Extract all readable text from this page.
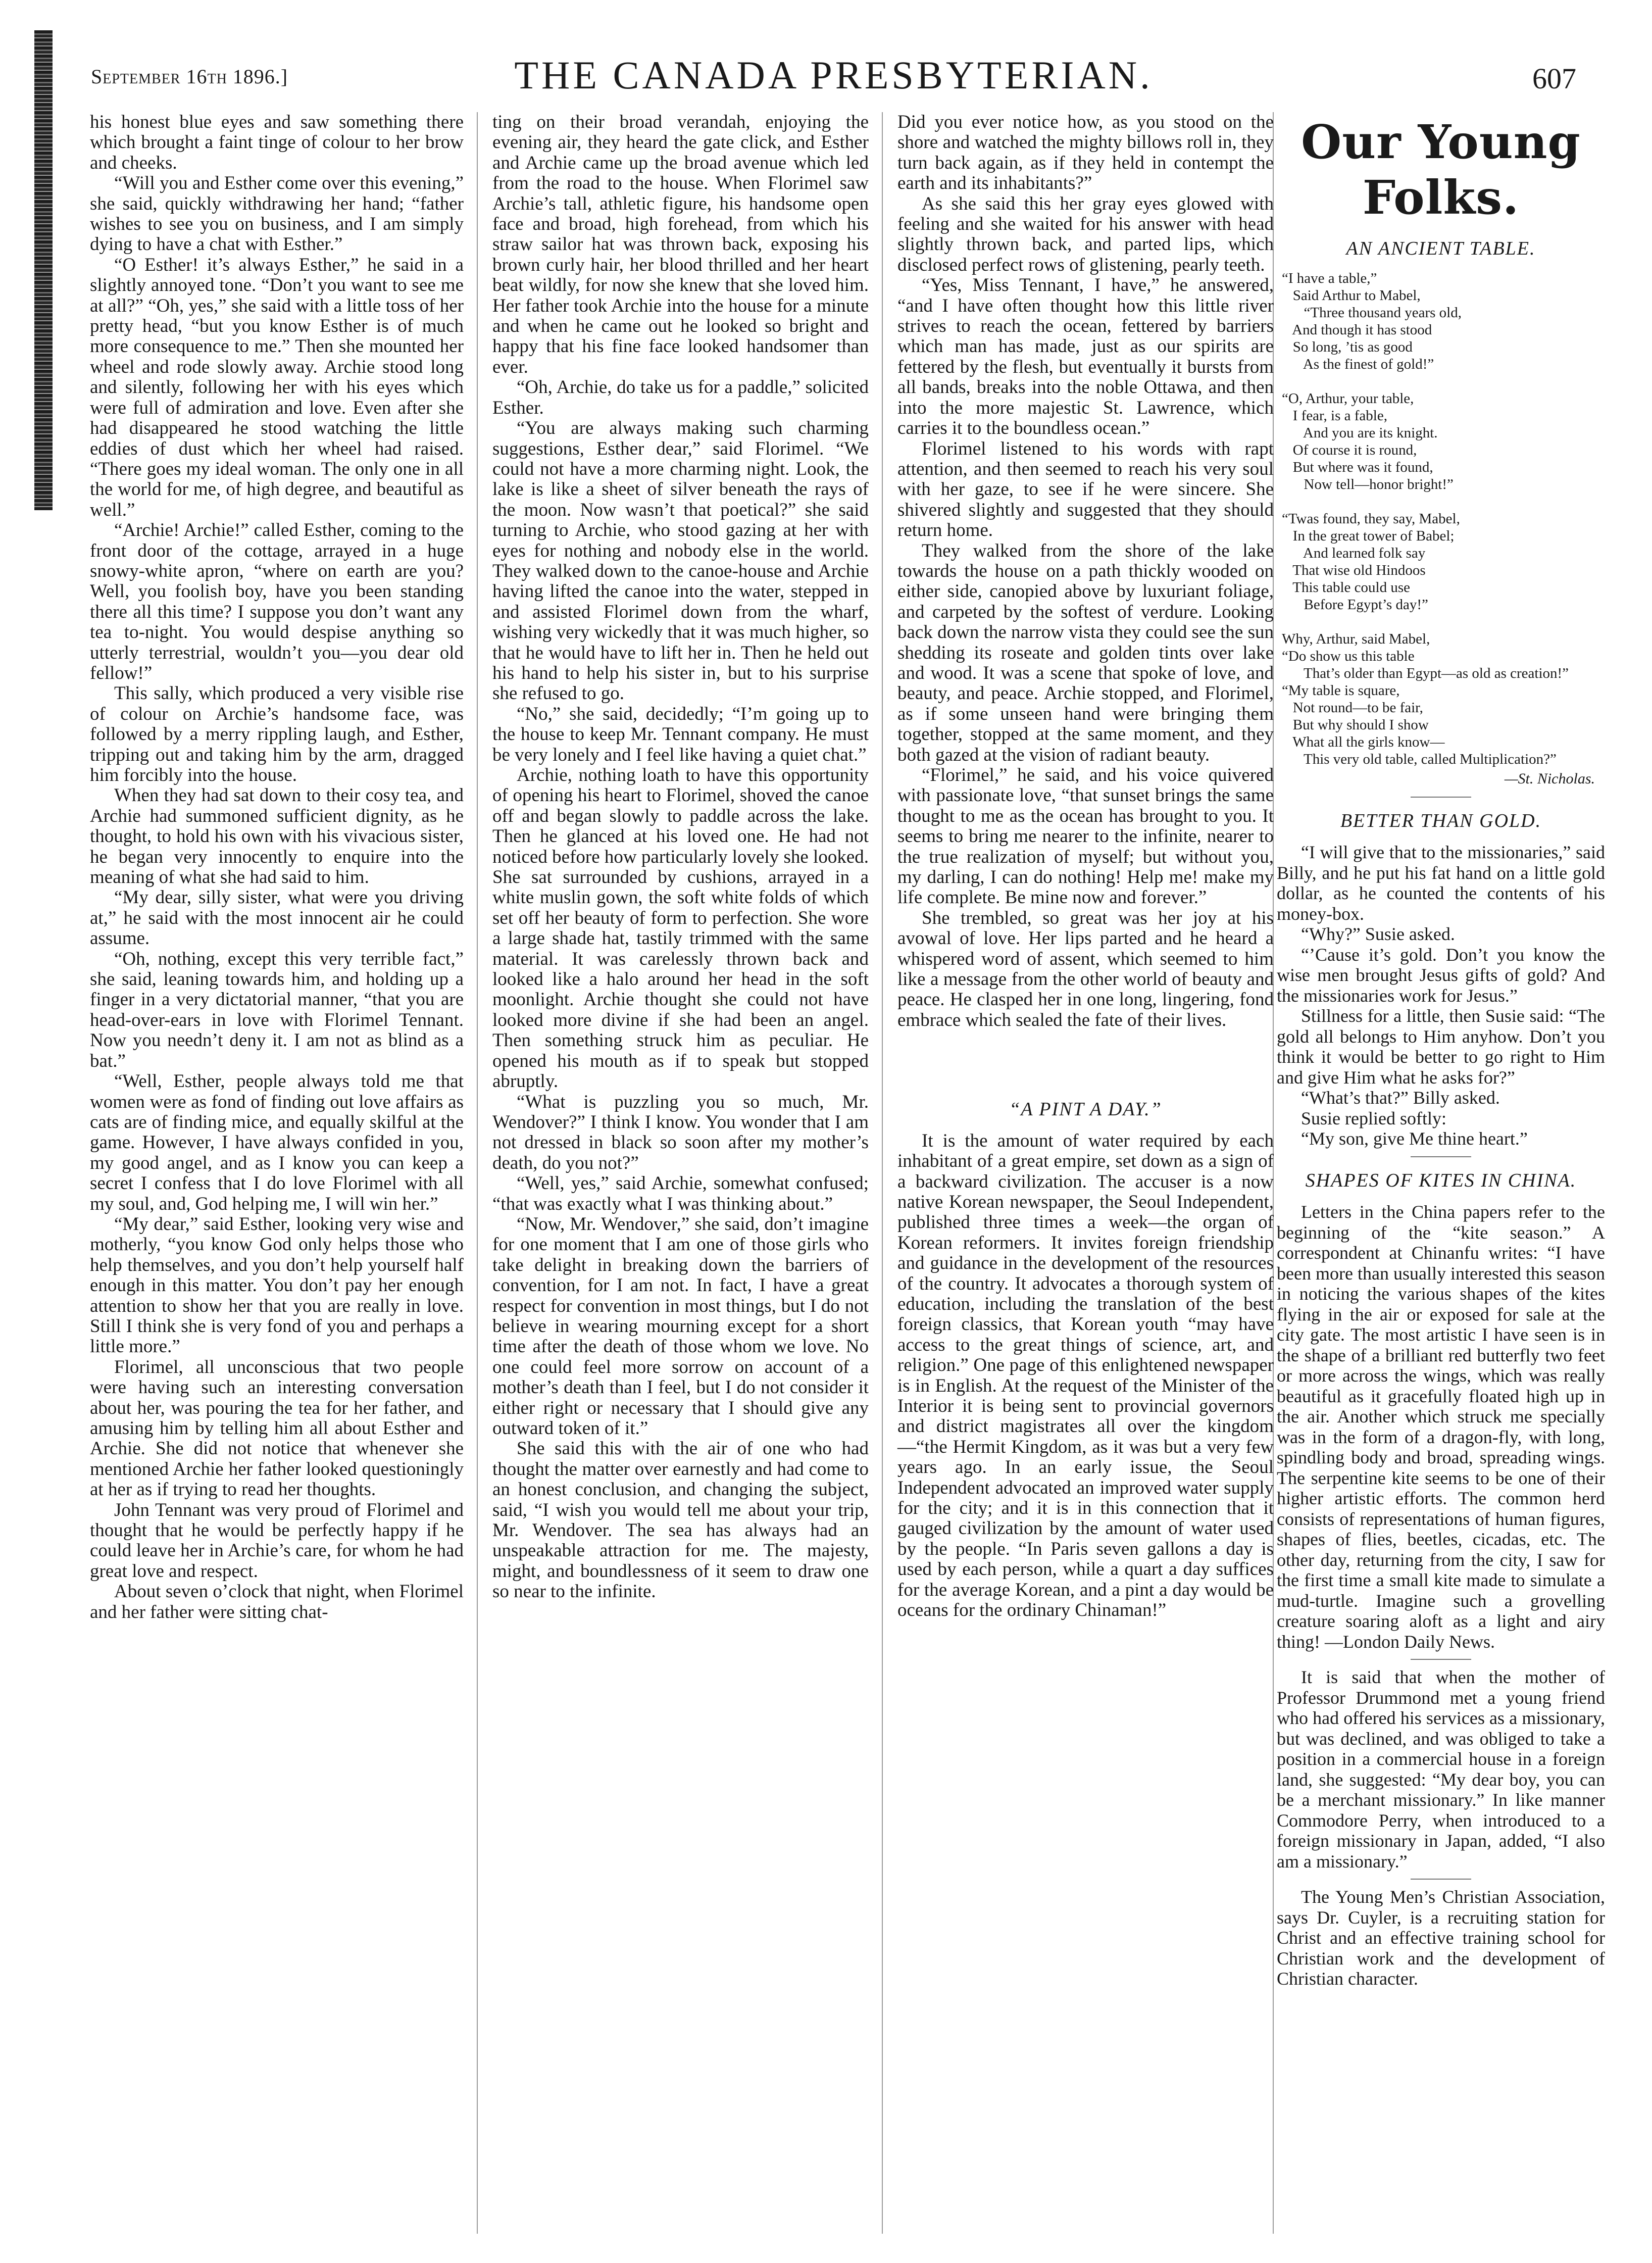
September 16th 1896.]	THE CANADA PRESBYTERIAN.	607

his honest blue eyes and saw something there which brought a faint tinge of colour to her brow and cheeks.

“Will you and Esther come over this evening,” she said, quickly withdrawing her hand; “father wishes to see you on business, and I am simply dying to have a chat with Esther.”

“O Esther! it’s always Esther,” he said in a slightly annoyed tone. “Don’t you want to see me at all?” “Oh, yes,” she said with a little toss of her pretty head, “but you know Esther is of much more consequence to me.” Then she mounted her wheel and rode slowly away. Archie stood long and silently, following her with his eyes which were full of admiration and love. Even after she had disappeared he stood watching the little eddies of dust which her wheel had raised. “There goes my ideal woman. The only one in all the world for me, of high degree, and beautiful as well.”

“Archie! Archie!” called Esther, coming to the front door of the cottage, arrayed in a huge snowy-white apron, “where on earth are you? Well, you foolish boy, have you been standing there all this time? I suppose you don’t want any tea to-night. You would despise anything so utterly terrestrial, wouldn’t you—you dear old fellow!”

This sally, which produced a very visible rise of colour on Archie’s handsome face, was followed by a merry rippling laugh, and Esther, tripping out and taking him by the arm, dragged him forcibly into the house.

When they had sat down to their cosy tea, and Archie had summoned sufficient dignity, as he thought, to hold his own with his vivacious sister, he began very innocently to enquire into the meaning of what she had said to him.

“My dear, silly sister, what were you driving at,” he said with the most innocent air he could assume.

“Oh, nothing, except this very terrible fact,” she said, leaning towards him, and holding up a finger in a very dictatorial manner, “that you are head-over-ears in love with Florimel Tennant. Now you needn’t deny it. I am not as blind as a bat.”

“Well, Esther, people always told me that women were as fond of finding out love affairs as cats are of finding mice, and equally skilful at the game. However, I have always confided in you, my good angel, and as I know you can keep a secret I confess that I do love Florimel with all my soul, and, God helping me, I will win her.”

“My dear,” said Esther, looking very wise and motherly, “you know God only helps those who help themselves, and you don’t help yourself half enough in this matter. You don’t pay her enough attention to show her that you are really in love. Still I think she is very fond of you and perhaps a little more.”

Florimel, all unconscious that two people were having such an interesting conversation about her, was pouring the tea for her father, and amusing him by telling him all about Esther and Archie. She did not notice that whenever she mentioned Archie her father looked questioningly at her as if trying to read her thoughts.

John Tennant was very proud of Florimel and thought that he would be perfectly happy if he could leave her in Archie’s care, for whom he had great love and respect.

About seven o’clock that night, when Florimel and her father were sitting chat-

ting on their broad verandah, enjoying the evening air, they heard the gate click, and Esther and Archie came up the broad avenue which led from the road to the house. When Florimel saw Archie’s tall, athletic figure, his handsome open face and broad, high forehead, from which his straw sailor hat was thrown back, exposing his brown curly hair, her blood thrilled and her heart beat wildly, for now she knew that she loved him. Her father took Archie into the house for a minute and when he came out he looked so bright and happy that his fine face looked handsomer than ever.

“Oh, Archie, do take us for a paddle,” solicited Esther.

“You are always making such charming suggestions, Esther dear,” said Florimel. “We could not have a more charming night. Look, the lake is like a sheet of silver beneath the rays of the moon. Now wasn’t that poetical?” she said turning to Archie, who stood gazing at her with eyes for nothing and nobody else in the world. They walked down to the canoe-house and Archie having lifted the canoe into the water, stepped in and assisted Florimel down from the wharf, wishing very wickedly that it was much higher, so that he would have to lift her in. Then he held out his hand to help his sister in, but to his surprise she refused to go.

“No,” she said, decidedly; “I’m going up to the house to keep Mr. Tennant company. He must be very lonely and I feel like having a quiet chat.”

Archie, nothing loath to have this opportunity of opening his heart to Florimel, shoved the canoe off and began slowly to paddle across the lake. Then he glanced at his loved one. He had not noticed before how particularly lovely she looked. She sat surrounded by cushions, arrayed in a white muslin gown, the soft white folds of which set off her beauty of form to perfection. She wore a large shade hat, tastily trimmed with the same material. It was carelessly thrown back and looked like a halo around her head in the soft moonlight. Archie thought she could not have looked more divine if she had been an angel. Then something struck him as peculiar. He opened his mouth as if to speak but stopped abruptly.

“What is puzzling you so much, Mr. Wendover?” I think I know. You wonder that I am not dressed in black so soon after my mother’s death, do you not?”

“Well, yes,” said Archie, somewhat confused; “that was exactly what I was thinking about.”

“Now, Mr. Wendover,” she said, don’t imagine for one moment that I am one of those girls who take delight in breaking down the barriers of convention, for I am not. In fact, I have a great respect for convention in most things, but I do not believe in wearing mourning except for a short time after the death of those whom we love. No one could feel more sorrow on account of a mother’s death than I feel, but I do not consider it either right or necessary that I should give any outward token of it.”

She said this with the air of one who had thought the matter over earnestly and had come to an honest conclusion, and changing the subject, said, “I wish you would tell me about your trip, Mr. Wendover. The sea has always had an unspeakable attraction for me. The majesty, might, and boundlessness of it seem to draw one so near to the infinite.

Did you ever notice how, as you stood on the shore and watched the mighty billows roll in, they turn back again, as if they held in contempt the earth and its inhabitants?”

As she said this her gray eyes glowed with feeling and she waited for his answer with head slightly thrown back, and parted lips, which disclosed perfect rows of glistening, pearly teeth.

“Yes, Miss Tennant, I have,” he answered, “and I have often thought how this little river strives to reach the ocean, fettered by barriers which man has made, just as our spirits are fettered by the flesh, but eventually it bursts from all bands, breaks into the noble Ottawa, and then into the more majestic St. Lawrence, which carries it to the boundless ocean.”

Florimel listened to his words with rapt attention, and then seemed to reach his very soul with her gaze, to see if he were sincere. She shivered slightly and suggested that they should return home.

They walked from the shore of the lake towards the house on a path thickly wooded on either side, canopied above by luxuriant foliage, and carpeted by the softest of verdure. Looking back down the narrow vista they could see the sun shedding its roseate and golden tints over lake and wood. It was a scene that spoke of love, and beauty, and peace. Archie stopped, and Florimel, as if some unseen hand were bringing them together, stopped at the same moment, and they both gazed at the vision of radiant beauty.

“Florimel,” he said, and his voice quivered with passionate love, “that sunset brings the same thought to me as the ocean has brought to you. It seems to bring me nearer to the infinite, nearer to the true realization of myself; but without you, my darling, I can do nothing! Help me! make my life complete. Be mine now and forever.”

She trembled, so great was her joy at his avowal of love. Her lips parted and he heard a whispered word of assent, which seemed to him like a message from the other world of beauty and peace. He clasped her in one long, lingering, fond embrace which sealed the fate of their lives.

“A PINT A DAY.”

It is the amount of water required by each inhabitant of a great empire, set down as a sign of a backward civilization. The accuser is a now native Korean newspaper, the Seoul Independent, published three times a week—the organ of Korean reformers. It invites foreign friendship and guidance in the development of the resources of the country. It advocates a thorough system of education, including the translation of the best foreign classics, that Korean youth “may have access to the great things of science, art, and religion.” One page of this enlightened newspaper is in English. At the request of the Minister of the Interior it is being sent to provincial governors and district magistrates all over the kingdom—“the Hermit Kingdom, as it was but a very few years ago. In an early issue, the Seoul Independent advocated an improved water supply for the city; and it is in this connection that it gauged civilization by the amount of water used by the people. “In Paris seven gallons a day is used by each person, while a quart a day suffices for the average Korean, and a pint a day would be oceans for the ordinary Chinaman!”

Our Young Folks.
AN ANCIENT TABLE.
“I have a table,”
Said Arthur to Mabel,
“Three thousand years old,
And though it has stood
So long, ’tis as good
As the finest of gold!”

“O, Arthur, your table,
I fear, is a fable,
And you are its knight.
Of course it is round,
But where was it found,
Now tell—honor bright!”

“Twas found, they say, Mabel,
In the great tower of Babel;
And learned folk say
That wise old Hindoos
This table could use
Before Egypt’s day!”

Why, Arthur, said Mabel,
“Do show us this table
That’s older than Egypt—as old as creation!”
“My table is square,
Not round—to be fair,
But why should I show
What all the girls know—
This very old table, called Multiplication?”
—St. Nicholas.
BETTER THAN GOLD.

“I will give that to the missionaries,” said Billy, and he put his fat hand on a little gold dollar, as he counted the contents of his money-box.

“Why?” Susie asked.

“’Cause it’s gold. Don’t you know the wise men brought Jesus gifts of gold? And the missionaries work for Jesus.”

Stillness for a little, then Susie said: “The gold all belongs to Him anyhow. Don’t you think it would be better to go right to Him and give Him what he asks for?”

“What’s that?” Billy asked.

Susie replied softly:

“My son, give Me thine heart.”

SHAPES OF KITES IN CHINA.

Letters in the China papers refer to the beginning of the “kite season.” A correspondent at Chinanfu writes: “I have been more than usually interested this season in noticing the various shapes of the kites flying in the air or exposed for sale at the city gate. The most artistic I have seen is in the shape of a brilliant red butterfly two feet or more across the wings, which was really beautiful as it gracefully floated high up in the air. Another which struck me specially was in the form of a dragon-fly, with long, spindling body and broad, spreading wings. The serpentine kite seems to be one of their higher artistic efforts. The common herd consists of representations of human figures, shapes of flies, beetles, cicadas, etc. The other day, returning from the city, I saw for the first time a small kite made to simulate a mud-turtle. Imagine such a grovelling creature soaring aloft as a light and airy thing! —London Daily News.

It is said that when the mother of Professor Drummond met a young friend who had offered his services as a missionary, but was declined, and was obliged to take a position in a commercial house in a foreign land, she suggested: “My dear boy, you can be a merchant missionary.” In like manner Commodore Perry, when introduced to a foreign missionary in Japan, added, “I also am a missionary.”

The Young Men’s Christian Association, says Dr. Cuyler, is a recruiting station for Christ and an effective training school for Christian work and the development of Christian character.
